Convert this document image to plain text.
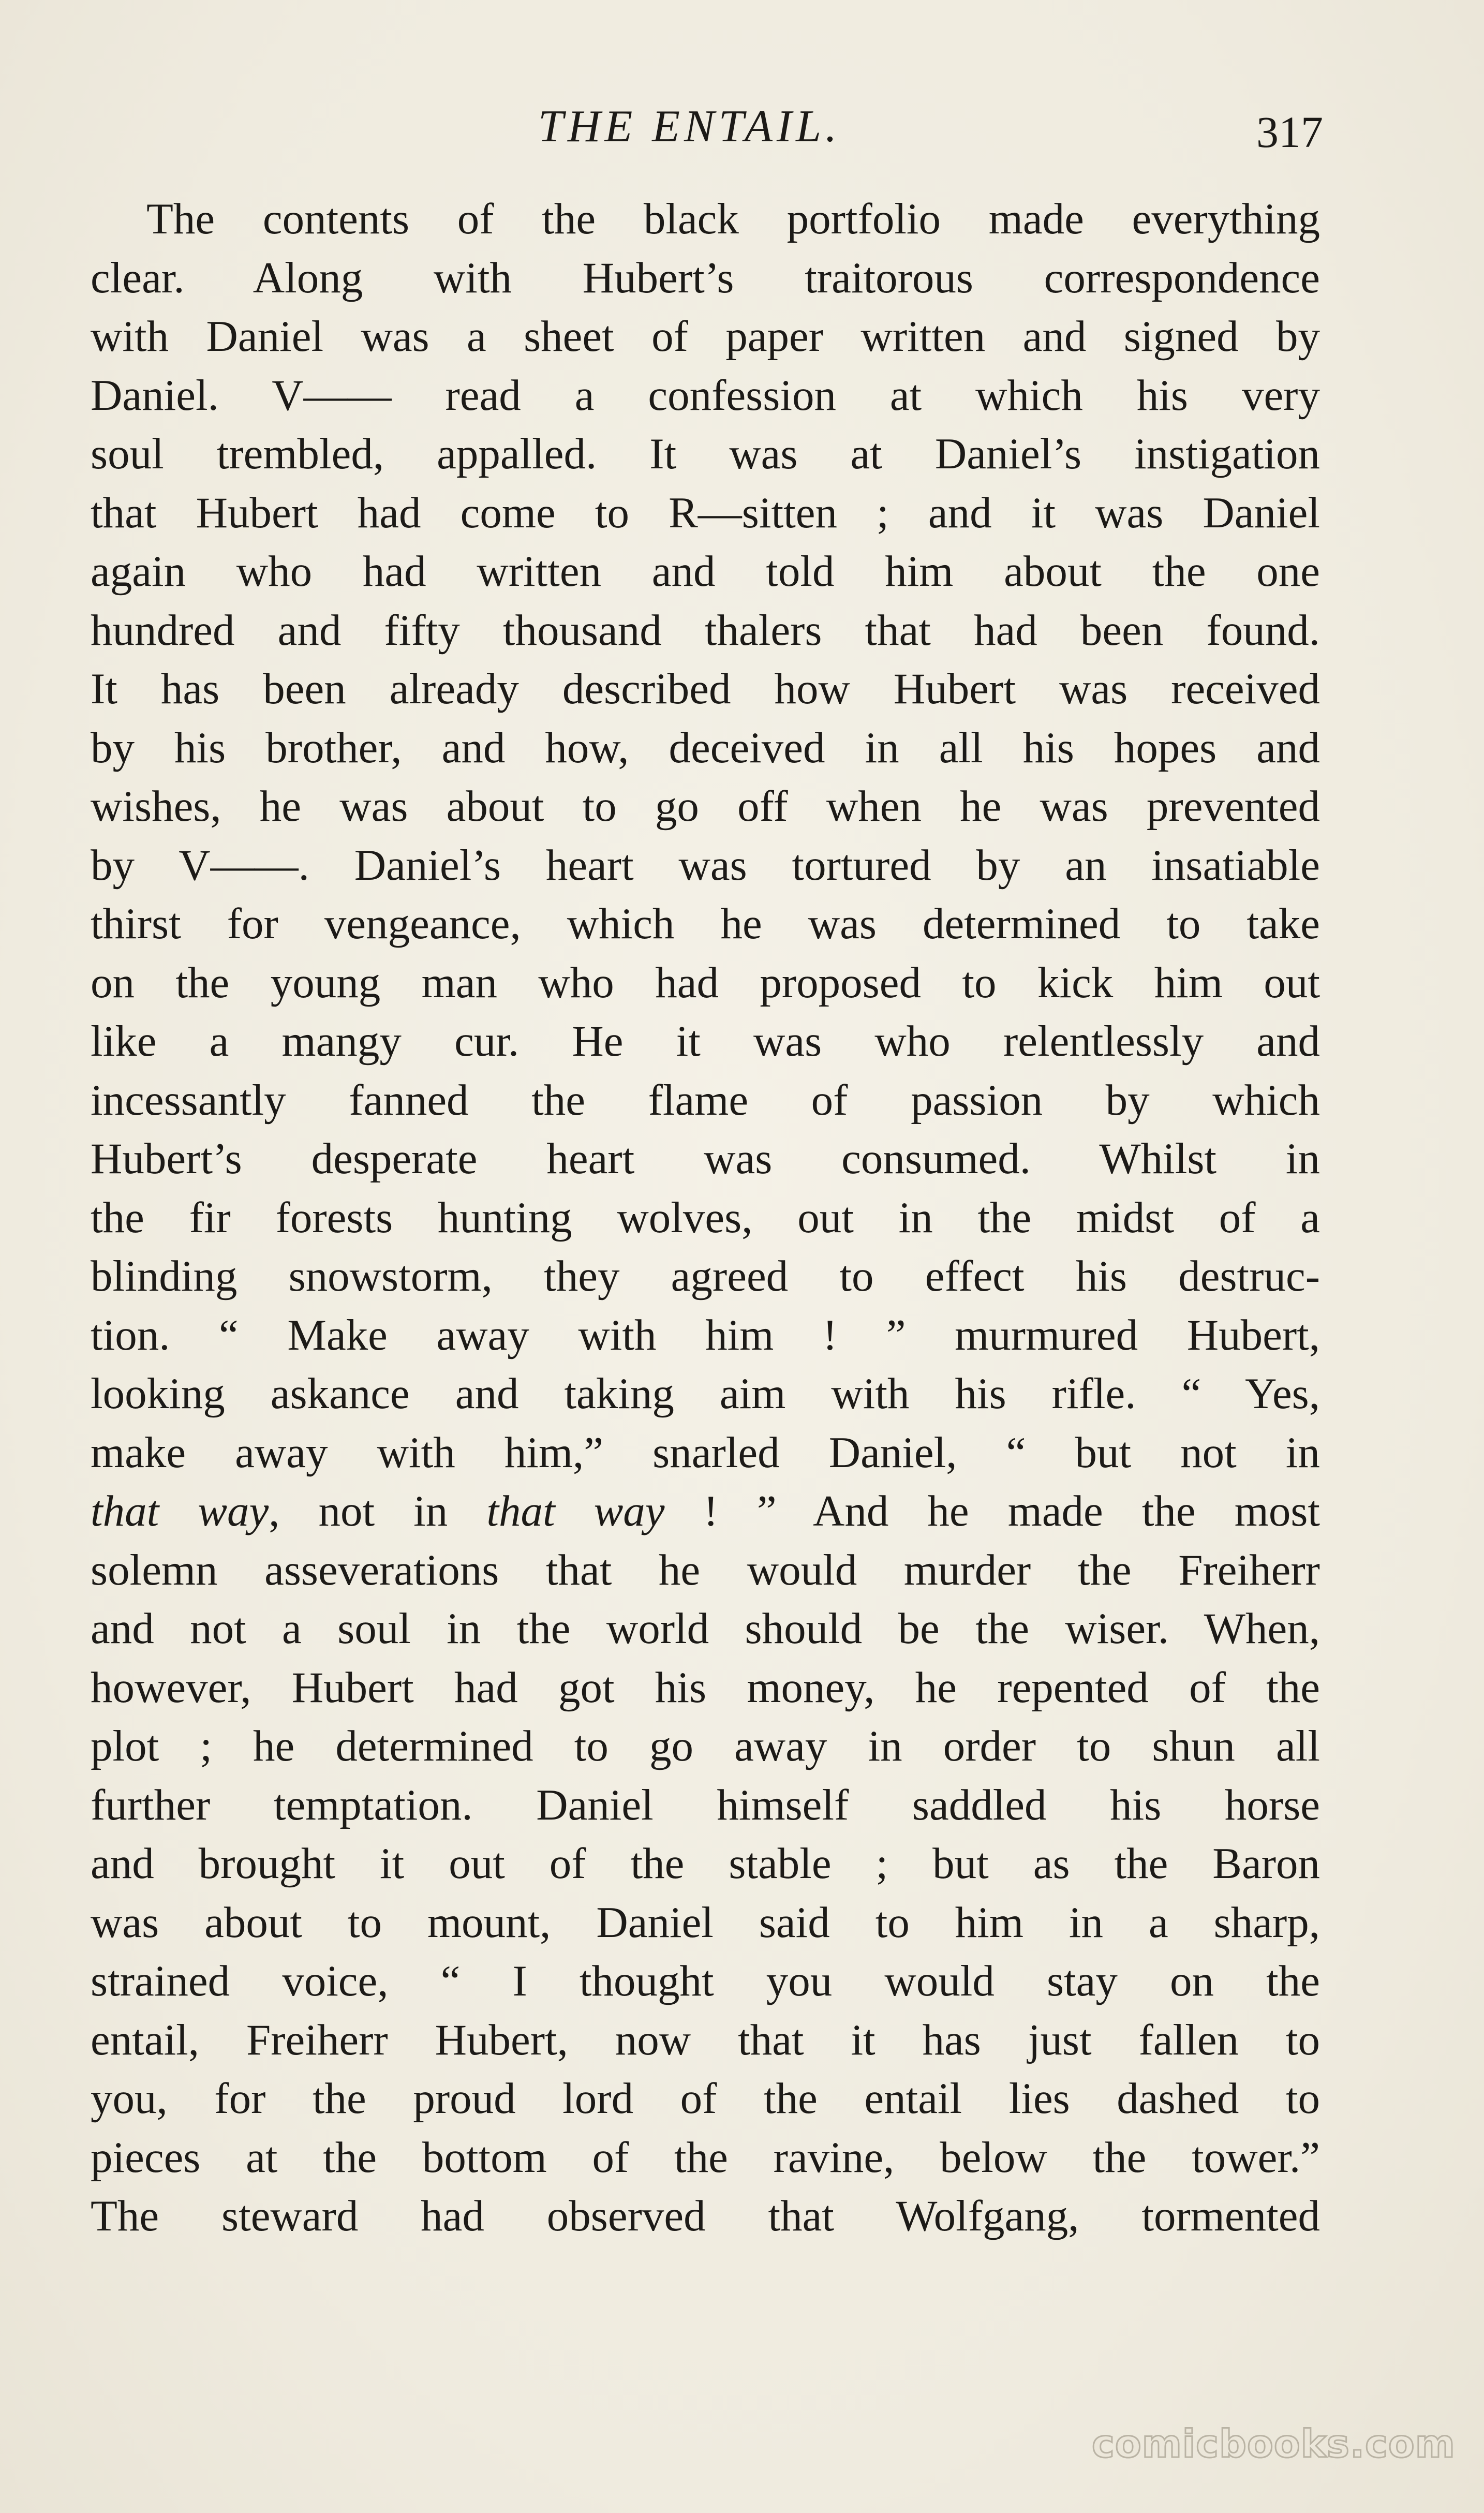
THE ENTAIL.	317
The contents of the black portfolio made everything
clear. Along with Hubert’s traitorous correspondence
with Daniel was a sheet of paper written and signed by
Daniel. V—— read a confession at which his very
soul trembled, appalled. It was at Daniel’s instigation
that Hubert had come to R—sitten ; and it was Daniel
again who had written and told him about the one
hundred and fifty thousand thalers that had been found.
It has been already described how Hubert was received
by his brother, and how, deceived in all his hopes and
wishes, he was about to go off when he was prevented
by V——. Daniel’s heart was tortured by an insatiable
thirst for vengeance, which he was determined to take
on the young man who had proposed to kick him out
like a mangy cur. He it was who relentlessly and
incessantly fanned the flame of passion by which
Hubert’s desperate heart was consumed. Whilst in
the fir forests hunting wolves, out in the midst of a
blinding snowstorm, they agreed to effect his destruc-
tion. “ Make away with him ! ” murmured Hubert,
looking askance and taking aim with his rifle. “ Yes,
make away with him,” snarled Daniel, “ but not in
that way, not in that way ! ” And he made the most
solemn asseverations that he would murder the Freiherr
and not a soul in the world should be the wiser. When,
however, Hubert had got his money, he repented of the
plot ; he determined to go away in order to shun all
further temptation. Daniel himself saddled his horse
and brought it out of the stable ; but as the Baron
was about to mount, Daniel said to him in a sharp,
strained voice, “ I thought you would stay on the
entail, Freiherr Hubert, now that it has just fallen to
you, for the proud lord of the entail lies dashed to
pieces at the bottom of the ravine, below the tower.”
The steward had observed that Wolfgang, tormented
comicbooks.com
